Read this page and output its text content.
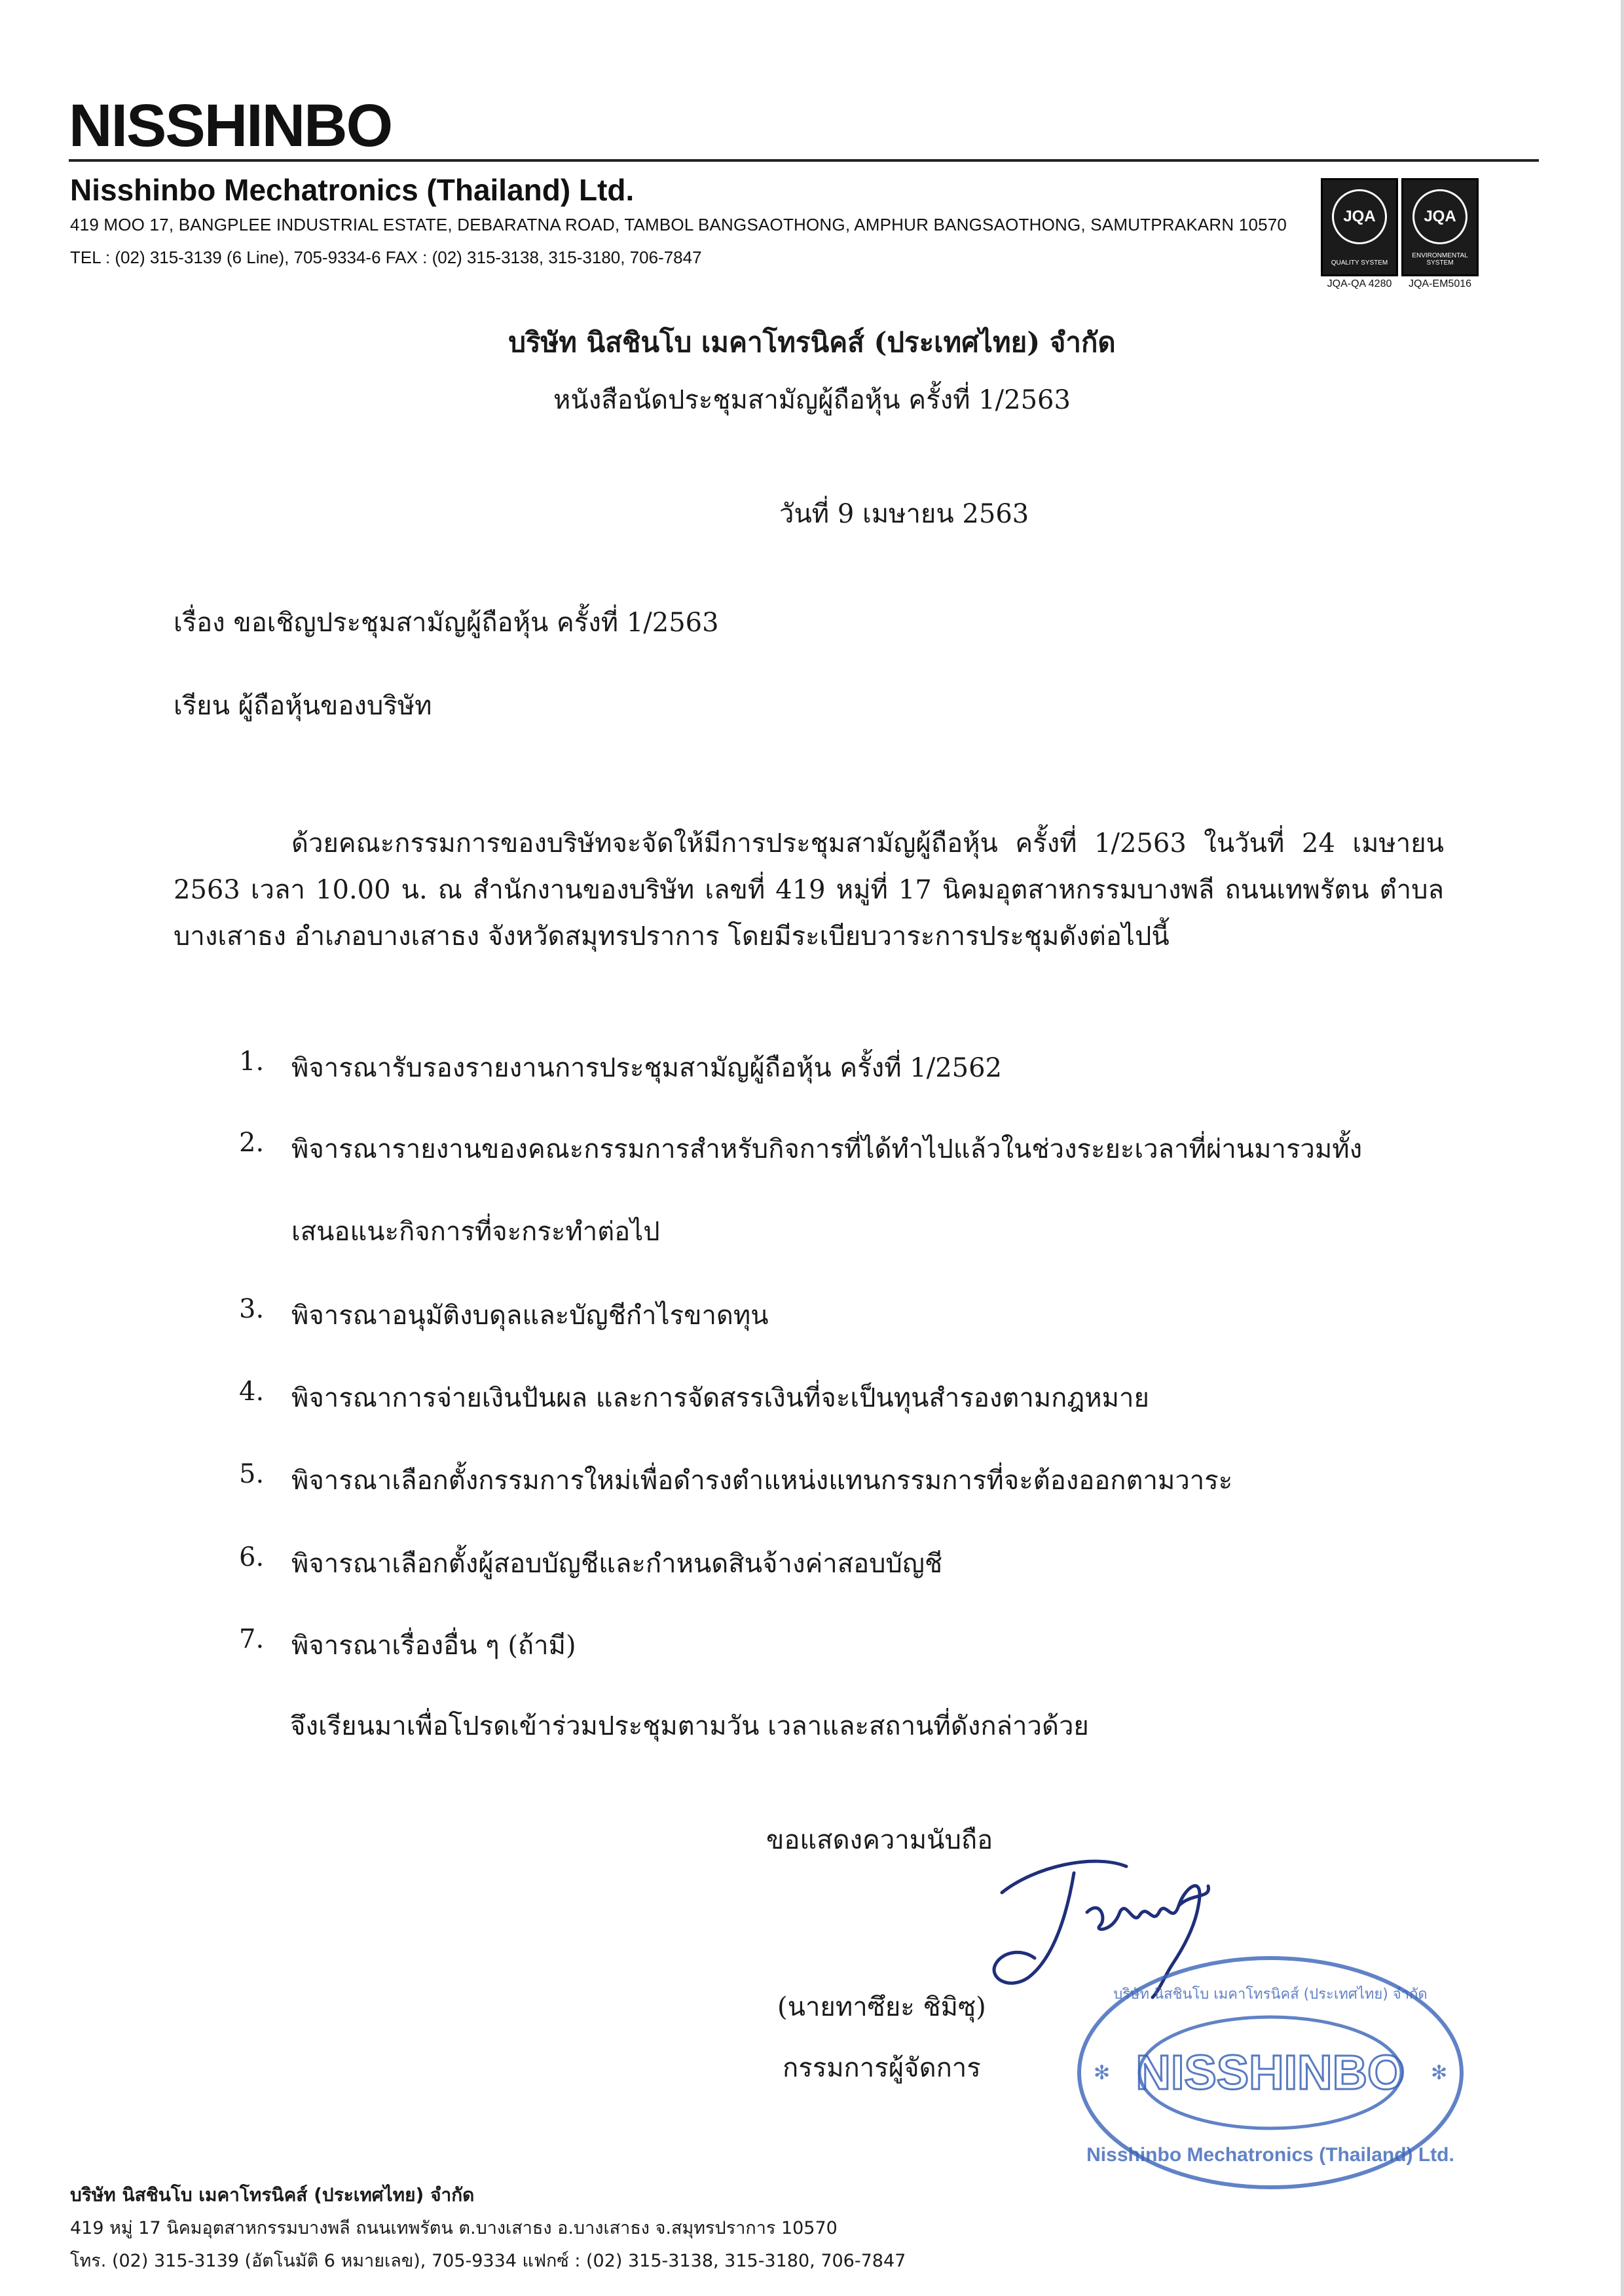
NISSHINBO
Nisshinbo Mechatronics (Thailand) Ltd.
419 MOO 17, BANGPLEE INDUSTRIAL ESTATE, DEBARATNA ROAD, TAMBOL BANGSAOTHONG, AMPHUR BANGSAOTHONG, SAMUTPRAKARN 10570
TEL : (02) 315-3139 (6 Line), 705-9334-6 FAX : (02) 315-3138, 315-3180, 706-7847
JQA
QUALITY SYSTEM
JQA-QA 4280
JQA
ENVIRONMENTAL SYSTEM
JQA-EM5016
บริษัท นิสชินโบ เมคาโทรนิคส์ (ประเทศไทย) จำกัด
หนังสือนัดประชุมสามัญผู้ถือหุ้น ครั้งที่ 1/2563
วันที่ 9 เมษายน 2563
เรื่อง ขอเชิญประชุมสามัญผู้ถือหุ้น ครั้งที่ 1/2563
เรียน ผู้ถือหุ้นของบริษัท
ด้วยคณะกรรมการของบริษัทจะจัดให้มีการประชุมสามัญผู้ถือหุ้น ครั้งที่ 1/2563 ในวันที่ 24 เมษายน 2563 เวลา 10.00 น. ณ สำนักงานของบริษัท เลขที่ 419 หมู่ที่ 17 นิคมอุตสาหกรรมบางพลี ถนนเทพรัตน ตำบลบางเสาธง อำเภอบางเสาธง จังหวัดสมุทรปราการ โดยมีระเบียบวาระการประชุมดังต่อไปนี้
1.	พิจารณารับรองรายงานการประชุมสามัญผู้ถือหุ้น ครั้งที่ 1/2562
2.	พิจารณารายงานของคณะกรรมการสำหรับกิจการที่ได้ทำไปแล้วในช่วงระยะเวลาที่ผ่านมารวมทั้ง
เสนอแนะกิจการที่จะกระทำต่อไป
3.	พิจารณาอนุมัติงบดุลและบัญชีกำไรขาดทุน
4.	พิจารณาการจ่ายเงินปันผล และการจัดสรรเงินที่จะเป็นทุนสำรองตามกฎหมาย
5.	พิจารณาเลือกตั้งกรรมการใหม่เพื่อดำรงตำแหน่งแทนกรรมการที่จะต้องออกตามวาระ
6.	พิจารณาเลือกตั้งผู้สอบบัญชีและกำหนดสินจ้างค่าสอบบัญชี
7.	พิจารณาเรื่องอื่น ๆ (ถ้ามี)
จึงเรียนมาเพื่อโปรดเข้าร่วมประชุมตามวัน เวลาและสถานที่ดังกล่าวด้วย
ขอแสดงความนับถือ
(นายทาซึยะ ชิมิซุ)
กรรมการผู้จัดการ	NISSHINBO
บริษัท นิสชินโบ เมคาโทรนิคส์ (ประเทศไทย) จำกัด
Nisshinbo Mechatronics (Thailand) Ltd.
✻	✻
บริษัท นิสชินโบ เมคาโทรนิคส์ (ประเทศไทย) จำกัด
419 หมู่ 17 นิคมอุตสาหกรรมบางพลี ถนนเทพรัตน ต.บางเสาธง อ.บางเสาธง จ.สมุทรปราการ 10570
โทร. (02) 315-3139 (อัตโนมัติ 6 หมายเลข), 705-9334 แฟกซ์ : (02) 315-3138, 315-3180, 706-7847
